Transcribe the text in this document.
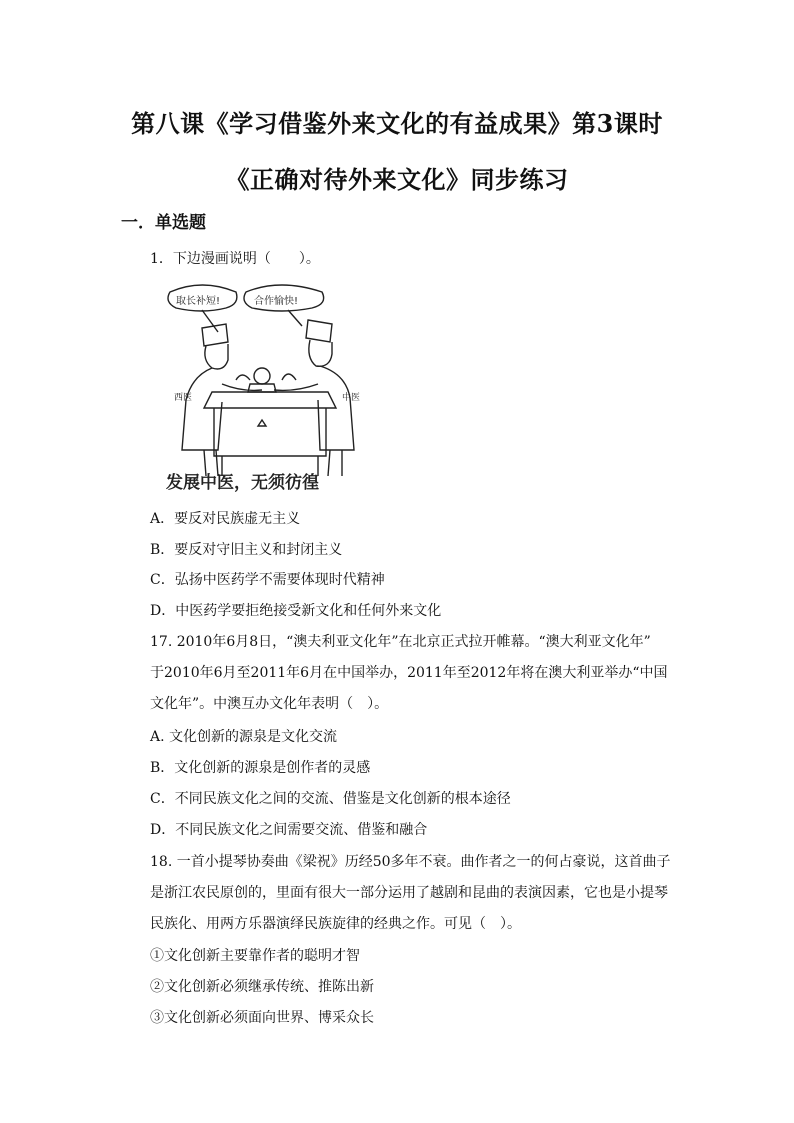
第八课《学习借鉴外来文化的有益成果》第3课时
《正确对待外来文化》同步练习
一．单选题
1．下边漫画说明（　　）。
西医	中医
取长补短!	合作愉快!
发展中医，无须彷徨
A．要反对民族虚无主义
B．要反对守旧主义和封闭主义
C．弘扬中医药学不需要体现时代精神
D．中医药学要拒绝接受新文化和任何外来文化
17. 2010年6月8日，“澳夫利亚文化年”在北京正式拉开帷幕。“澳大利亚文化年”
于2010年6月至2011年6月在中国举办，2011年至2012年将在澳大利亚举办“中国
文化年”。中澳互办文化年表明（　）。
A. 文化创新的源泉是文化交流
B．文化创新的源泉是创作者的灵感
C．不同民族文化之间的交流、借鉴是文化创新的根本途径
D．不同民族文化之间需要交流、借鉴和融合
18. 一首小提琴协奏曲《梁祝》历经50多年不衰。曲作者之一的何占豪说，这首曲子
是浙江农民原创的，里面有很大一部分运用了越剧和昆曲的表演因素，它也是小提琴
民族化、用两方乐器演绎民族旋律的经典之作。可见（　）。
①文化创新主要靠作者的聪明才智
②文化创新必须继承传统、推陈出新
③文化创新必须面向世界、博采众长
